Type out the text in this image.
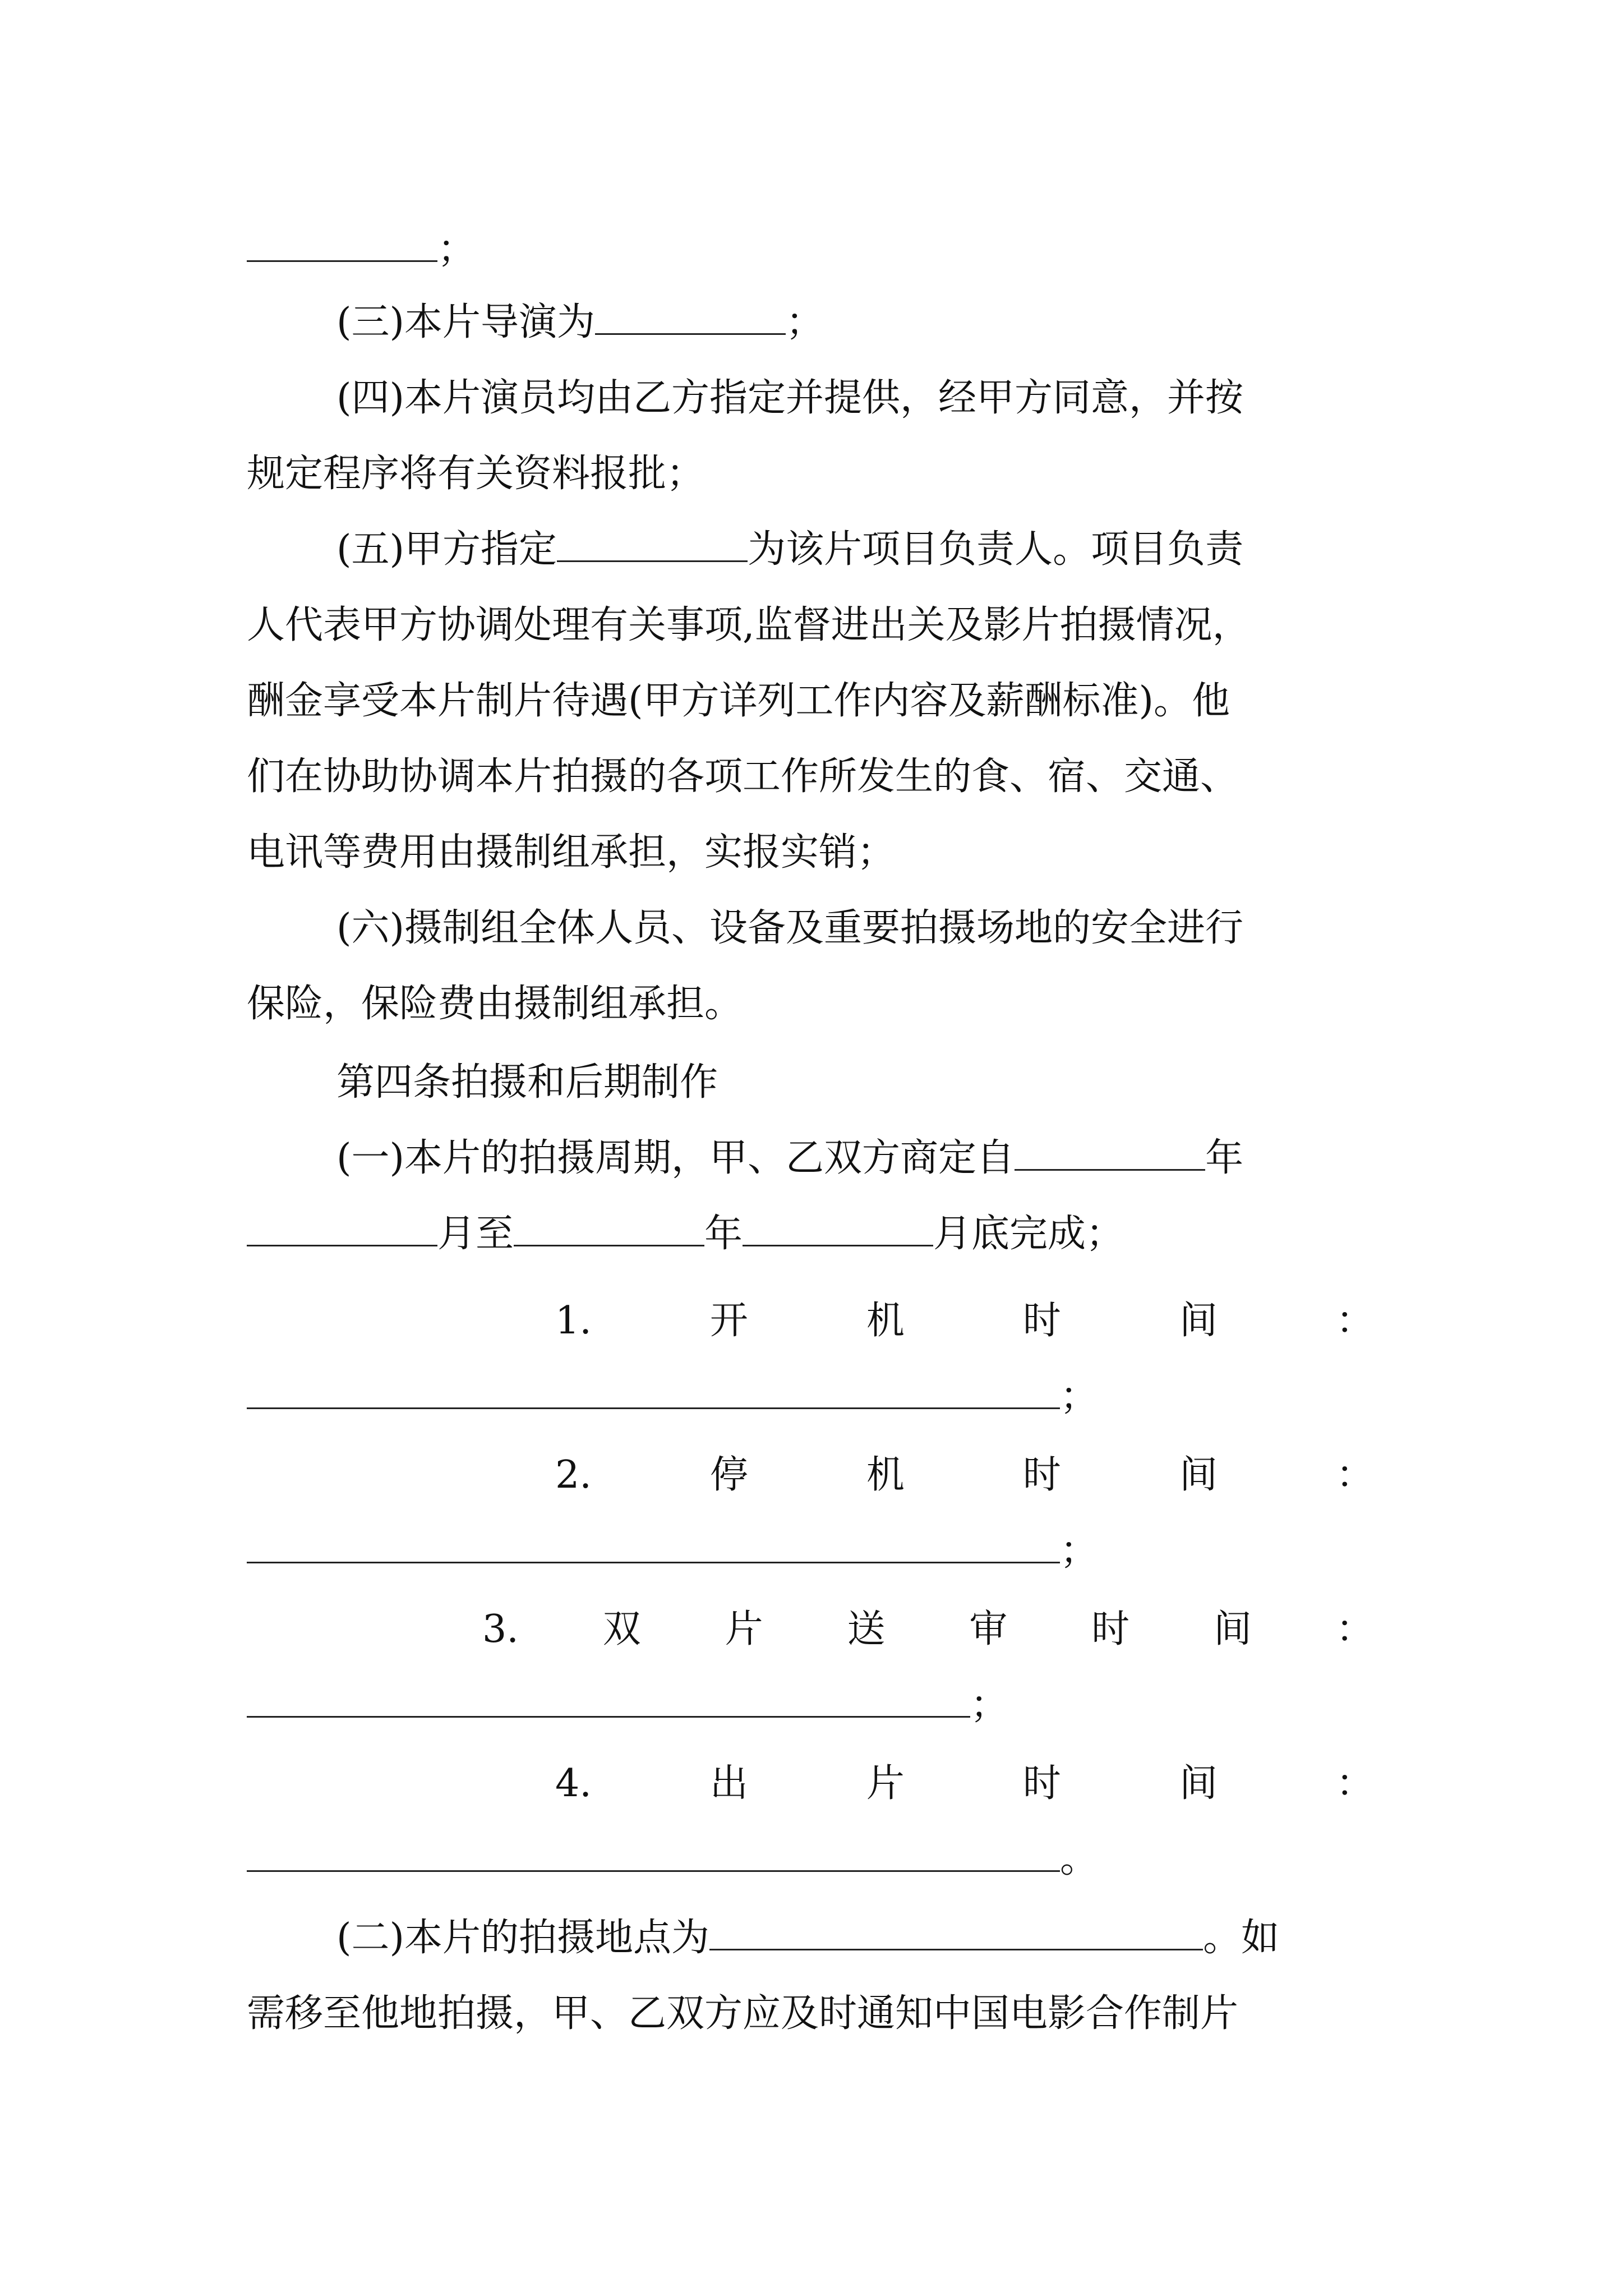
；
(三)本片导演为	；
(四)本片演员均由乙方指定并提供，经甲方同意，并按
规定程序将有关资料报批；
(五)甲方指定	为该片项目负责人。项目负责
人代表甲方协调处理有关事项,监督进出关及影片拍摄情况，
酬金享受本片制片待遇(甲方详列工作内容及薪酬标准)。他
们在协助协调本片拍摄的各项工作所发生的食、宿、交通、
电讯等费用由摄制组承担，实报实销；
(六)摄制组全体人员、设备及重要拍摄场地的安全进行
保险，保险费由摄制组承担。
第四条拍摄和后期制作
(一)本片的拍摄周期，甲、乙双方商定自	年
月至	年	月底完成；
1.	开	机	时	间	：
；
2.	停	机	时	间	：
；
3. 双 片 送 审 时 间 ：
；
4.	出	片	时	间	：
。
(二)本片的拍摄地点为	。如
需移至他地拍摄，甲、乙双方应及时通知中国电影合作制片
